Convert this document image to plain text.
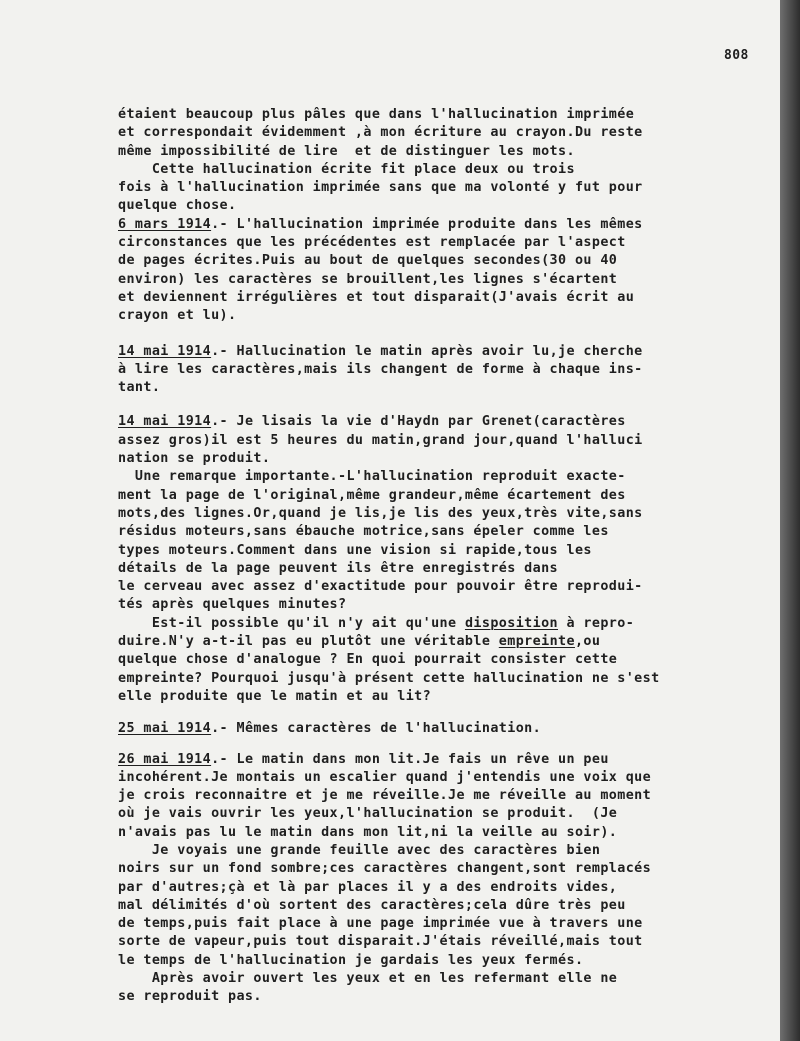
808
étaient beaucoup plus pâles que dans l'hallucination imprimée
et correspondait évidemment ,à mon écriture au crayon.Du reste
même impossibilité de lire  et de distinguer les mots.
Cette hallucination écrite fit place deux ou trois
fois à l'hallucination imprimée sans que ma volonté y fut pour
quelque chose.
6 mars 1914.- L'hallucination imprimée produite dans les mêmes
circonstances que les précédentes est remplacée par l'aspect
de pages écrites.Puis au bout de quelques secondes(30 ou 40
environ) les caractères se brouillent,les lignes s'écartent
et deviennent irrégulières et tout disparait(J'avais écrit au
crayon et lu).
14 mai 1914.- Hallucination le matin après avoir lu,je cherche
à lire les caractères,mais ils changent de forme à chaque ins-
tant.
14 mai 1914.- Je lisais la vie d'Haydn par Grenet(caractères
assez gros)il est 5 heures du matin,grand jour,quand l'halluci
nation se produit.
Une remarque importante.-L'hallucination reproduit exacte-
ment la page de l'original,même grandeur,même écartement des
mots,des lignes.Or,quand je lis,je lis des yeux,très vite,sans
résidus moteurs,sans ébauche motrice,sans épeler comme les
types moteurs.Comment dans une vision si rapide,tous les
détails de la page peuvent ils être enregistrés dans
le cerveau avec assez d'exactitude pour pouvoir être reprodui-
tés après quelques minutes?
Est-il possible qu'il n'y ait qu'une disposition à repro-
duire.N'y a-t-il pas eu plutôt une véritable empreinte,ou
quelque chose d'analogue ? En quoi pourrait consister cette
empreinte? Pourquoi jusqu'à présent cette hallucination ne s'est
elle produite que le matin et au lit?
25 mai 1914.- Mêmes caractères de l'hallucination.
26 mai 1914.- Le matin dans mon lit.Je fais un rêve un peu
incohérent.Je montais un escalier quand j'entendis une voix que
je crois reconnaitre et je me réveille.Je me réveille au moment
où je vais ouvrir les yeux,l'hallucination se produit.  (Je
n'avais pas lu le matin dans mon lit,ni la veille au soir).
Je voyais une grande feuille avec des caractères bien
noirs sur un fond sombre;ces caractères changent,sont remplacés
par d'autres;çà et là par places il y a des endroits vides,
mal délimités d'où sortent des caractères;cela dûre très peu
de temps,puis fait place à une page imprimée vue à travers une
sorte de vapeur,puis tout disparait.J'étais réveillé,mais tout
le temps de l'hallucination je gardais les yeux fermés.
Après avoir ouvert les yeux et en les refermant elle ne
se reproduit pas.
